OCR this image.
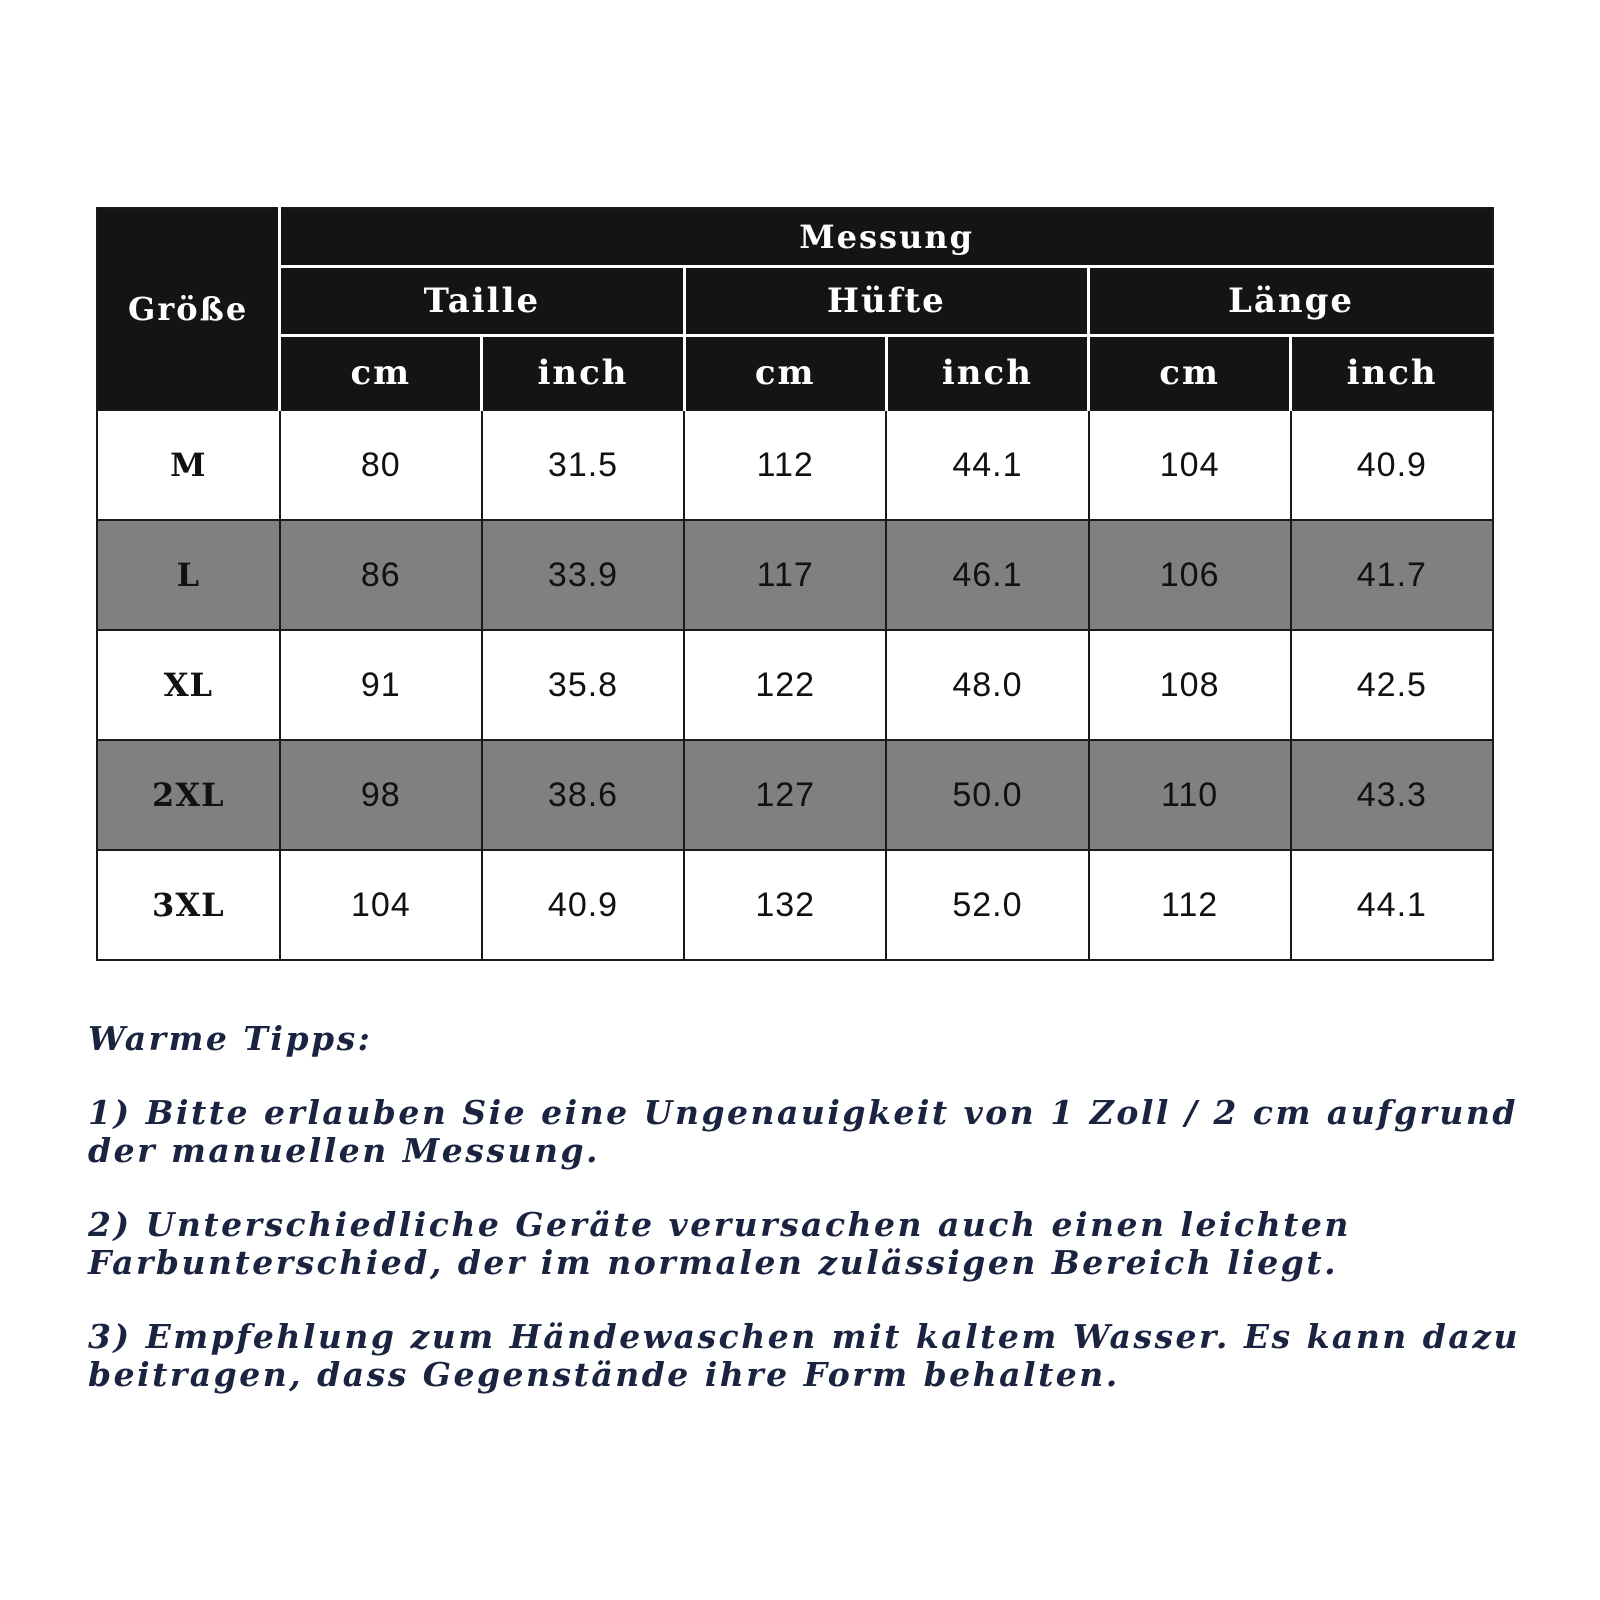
Größe	Messung					
	Taille		Hüfte		Länge	
	cm	inch	cm	inch	cm	inch
M	80	31.5	112	44.1	104	40.9
L	86	33.9	117	46.1	106	41.7
XL	91	35.8	122	48.0	108	42.5
2XL	98	38.6	127	50.0	110	43.3
3XL	104	40.9	132	52.0	112	44.1

Warme Tipps:

1) Bitte erlauben Sie eine Ungenauigkeit von 1 Zoll / 2 cm aufgrund der manuellen Messung.

2) Unterschiedliche Geräte verursachen auch einen leichten Farbunterschied, der im normalen zulässigen Bereich liegt.

3) Empfehlung zum Händewaschen mit kaltem Wasser. Es kann dazu beitragen, dass Gegenstände ihre Form behalten.
